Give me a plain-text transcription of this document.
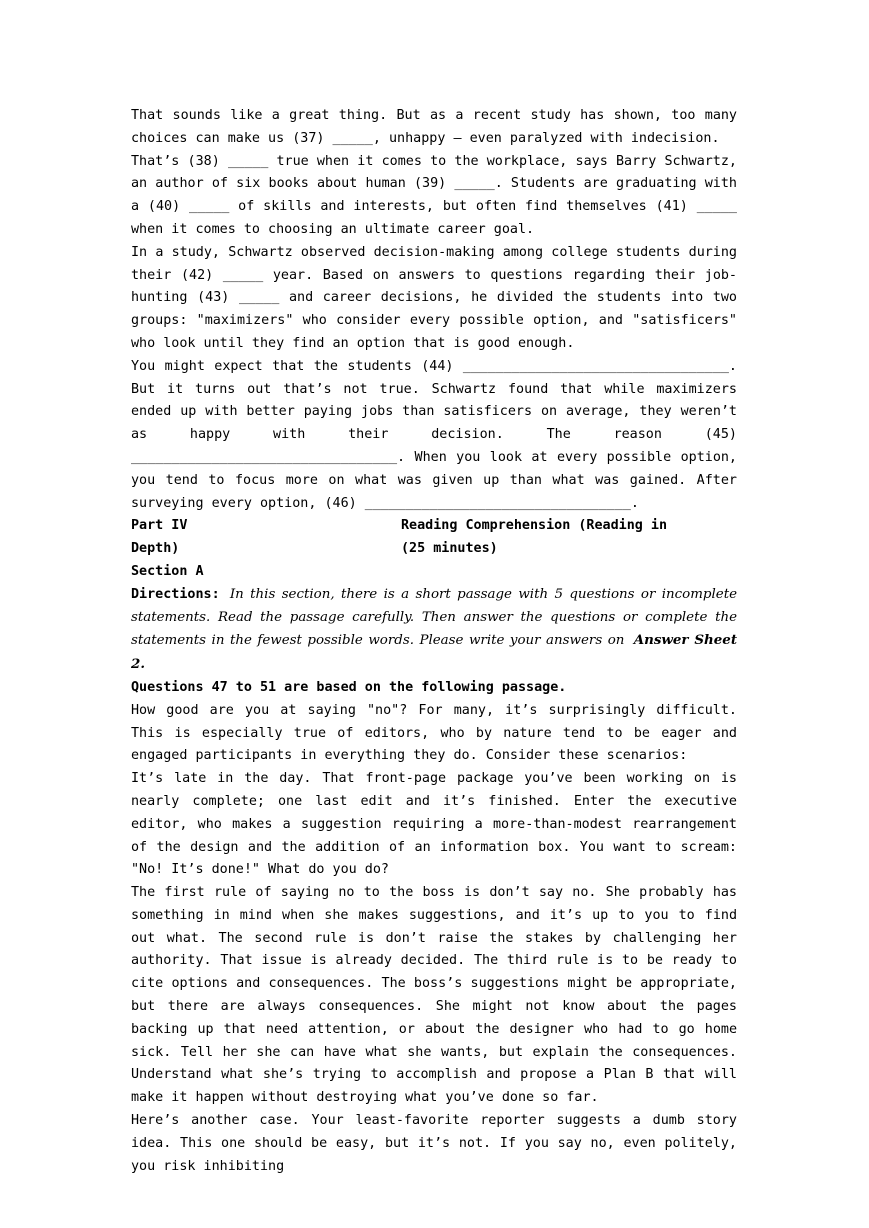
That sounds like a great thing. But as a recent study has shown, too many choices can make us (37) _____, unhappy – even paralyzed with indecision.

That’s (38) _____ true when it comes to the workplace, says Barry Schwartz, an author of six books about human (39) _____. Students are graduating with a (40) _____ of skills and interests, but often find themselves (41) _____ when it comes to choosing an ultimate career goal.

In a study, Schwartz observed decision-making among college students during their (42) _____ year. Based on answers to questions regarding their job-hunting (43) _____ and career decisions, he divided the students into two groups: "maximizers" who consider every possible option, and "satisficers" who look until they find an option that is good enough.

You might expect that the students (44) _________________________________. But it turns out that’s not true. Schwartz found that while maximizers ended up with better paying jobs than satisficers on average, they weren’t as happy with their decision. The reason (45) _________________________________. When you look at every possible option, you tend to focus more on what was given up than what was gained. After surveying every option, (46) _________________________________.

Part IV	Reading Comprehension (Reading in
Depth)	(25 minutes)

Section A

Directions: In this section, there is a short passage with 5 questions or incomplete statements. Read the passage carefully. Then answer the questions or complete the statements in the fewest possible words. Please write your answers on Answer Sheet 2.

Questions 47 to 51 are based on the following passage.

How good are you at saying "no"? For many, it’s surprisingly difficult. This is especially true of editors, who by nature tend to be eager and engaged participants in everything they do. Consider these scenarios:

It’s late in the day. That front-page package you’ve been working on is nearly complete; one last edit and it’s finished. Enter the executive editor, who makes a suggestion requiring a more-than-modest rearrangement of the design and the addition of an information box. You want to scream: "No! It’s done!" What do you do?

The first rule of saying no to the boss is don’t say no. She probably has something in mind when she makes suggestions, and it’s up to you to find out what. The second rule is don’t raise the stakes by challenging her authority. That issue is already decided. The third rule is to be ready to cite options and consequences. The boss’s suggestions might be appropriate, but there are always consequences. She might not know about the pages backing up that need attention, or about the designer who had to go home sick. Tell her she can have what she wants, but explain the consequences. Understand what she’s trying to accomplish and propose a Plan B that will make it happen without destroying what you’ve done so far.

Here’s another case. Your least-favorite reporter suggests a dumb story idea. This one should be easy, but it’s not. If you say no, even politely, you risk inhibiting
